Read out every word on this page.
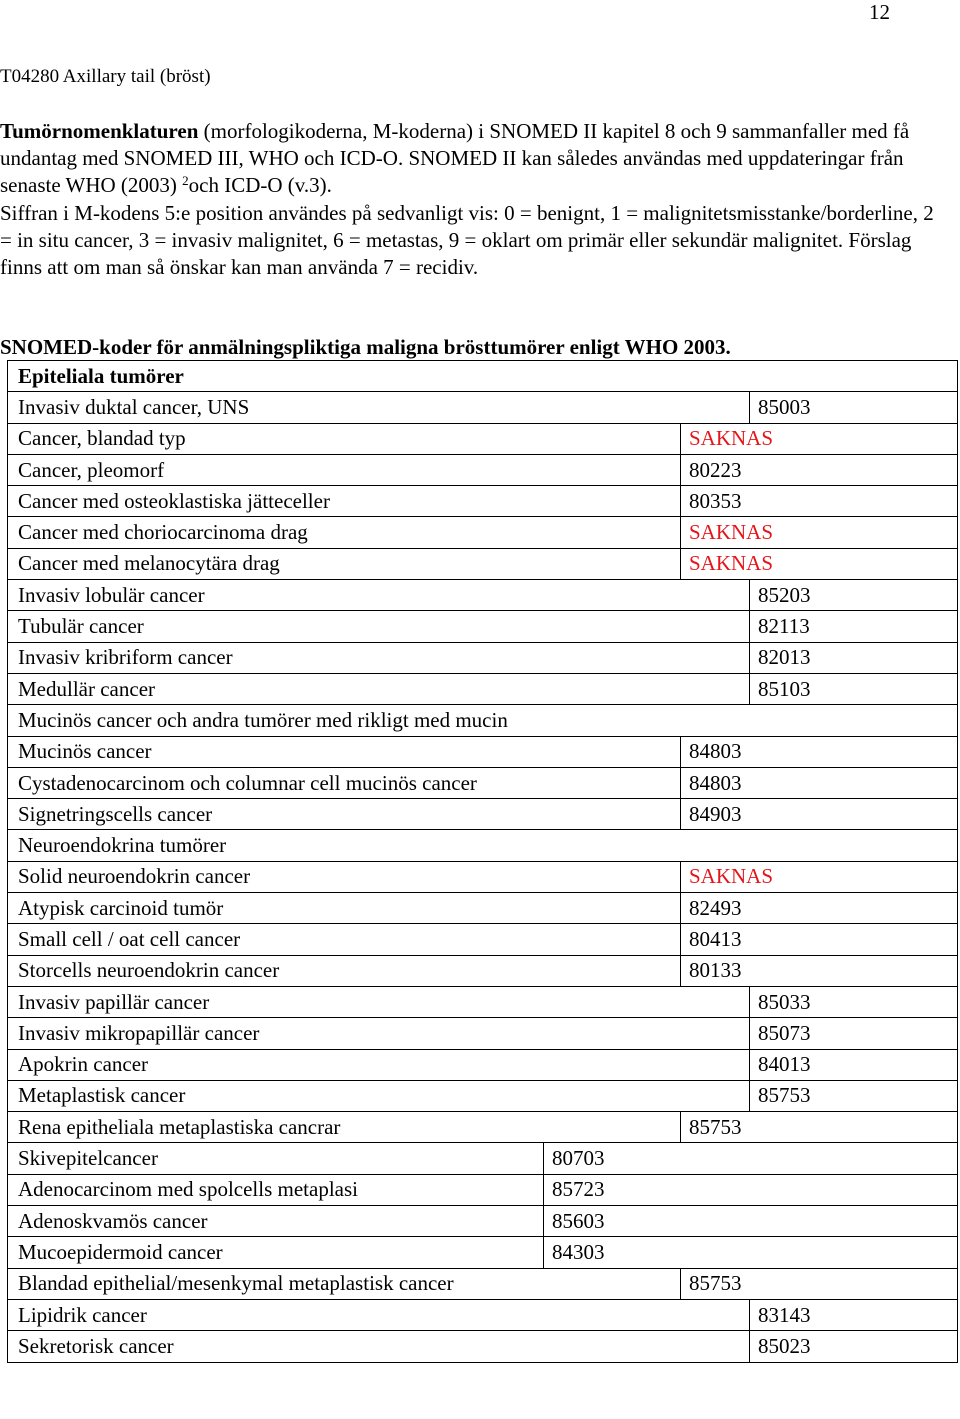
12
T04280 Axillary tail (bröst)
Tumörnomenklaturen (morfologikoderna, M-koderna) i SNOMED II kapitel 8 och 9 sammanfaller med få undantag med SNOMED III, WHO och ICD-O. SNOMED II kan således användas med uppdateringar från senaste WHO (2003) $^2$och ICD-O (v.3).
Siffran i M-kodens 5:e position användes på sedvanligt vis: 0 = benignt, 1 = malignitetsmisstanke/borderline, 2 = in situ cancer, 3 = invasiv malignitet, 6 = metastas, 9 = oklart om primär eller sekundär malignitet. Förslag finns att om man så önskar kan man använda 7 = recidiv.
SNOMED-koder för anmälningspliktiga maligna brösttumörer enligt WHO 2003.
Epiteliala tumörer			
Invasiv duktal cancer, UNS			85003
Cancer, blandad typ		SAKNAS	
Cancer, pleomorf		80223	
Cancer med osteoklastiska jätteceller		80353	
Cancer med choriocarcinoma drag		SAKNAS	
Cancer med melanocytära drag		SAKNAS	
Invasiv lobulär cancer			85203
Tubulär cancer			82113
Invasiv kribriform cancer			82013
Medullär cancer			85103
Mucinös cancer och andra tumörer med rikligt med mucin			
Mucinös cancer		84803	
Cystadenocarcinom och columnar cell mucinös cancer		84803	
Signetringscells cancer		84903	
Neuroendokrina tumörer			
Solid neuroendokrin cancer		SAKNAS	
Atypisk carcinoid tumör		82493	
Small cell / oat cell cancer		80413	
Storcells neuroendokrin cancer		80133	
Invasiv papillär cancer			85033
Invasiv mikropapillär cancer			85073
Apokrin cancer			84013
Metaplastisk cancer			85753
Rena epitheliala metaplastiska cancrar		85753	
Skivepitelcancer	80703		
Adenocarcinom med spolcells metaplasi	85723		
Adenoskvamös cancer	85603		
Mucoepidermoid cancer	84303		
Blandad epithelial/mesenkymal metaplastisk cancer		85753	
Lipidrik cancer			83143
Sekretorisk cancer			85023
